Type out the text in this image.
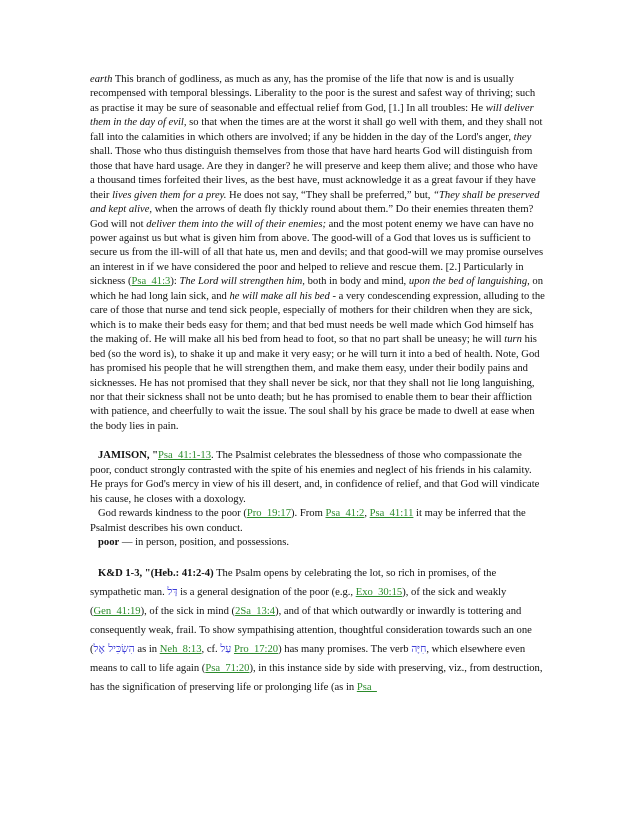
earth This branch of godliness, as much as any, has the promise of the life that now is and is usually recompensed with temporal blessings. Liberality to the poor is the surest and safest way of thriving; such as practise it may be sure of seasonable and effectual relief from God, [1.] In all troubles: He will deliver them in the day of evil, so that when the times are at the worst it shall go well with them, and they shall not fall into the calamities in which others are involved; if any be hidden in the day of the Lord's anger, they shall. Those who thus distinguish themselves from those that have hard hearts God will distinguish from those that have hard usage. Are they in danger? he will preserve and keep them alive; and those who have a thousand times forfeited their lives, as the best have, must acknowledge it as a great favour if they have their lives given them for a prey. He does not say, “They shall be preferred,” but, “They shall be preserved and kept alive, when the arrows of death fly thickly round about them.” Do their enemies threaten them? God will not deliver them into the will of their enemies; and the most potent enemy we have can have no power against us but what is given him from above. The good-will of a God that loves us is sufficient to secure us from the ill-will of all that hate us, men and devils; and that good-will we may promise ourselves an interest in if we have considered the poor and helped to relieve and rescue them. [2.] Particularly in sickness (Psa_41:3): The Lord will strengthen him, both in body and mind, upon the bed of languishing, on which he had long lain sick, and he will make all his bed - a very condescending expression, alluding to the care of those that nurse and tend sick people, especially of mothers for their children when they are sick, which is to make their beds easy for them; and that bed must needs be well made which God himself has the making of. He will make all his bed from head to foot, so that no part shall be uneasy; he will turn his bed (so the word is), to shake it up and make it very easy; or he will turn it into a bed of health. Note, God has promised his people that he will strengthen them, and make them easy, under their bodily pains and sicknesses. He has not promised that they shall never be sick, nor that they shall not lie long languishing, nor that their sickness shall not be unto death; but he has promised to enable them to bear their affliction with patience, and cheerfully to wait the issue. The soul shall by his grace be made to dwell at ease when the body lies in pain.

JAMISON, "Psa_41:1-13. The Psalmist celebrates the blessedness of those who compassionate the poor, conduct strongly contrasted with the spite of his enemies and neglect of his friends in his calamity. He prays for God's mercy in view of his ill desert, and, in confidence of relief, and that God will vindicate his cause, he closes with a doxology.

God rewards kindness to the poor (Pro_19:17). From Psa_41:2, Psa_41:11 it may be inferred that the Psalmist describes his own conduct.

poor — in person, position, and possessions.

K&D 1-3, "(Heb.: 41:2-4) The Psalm opens by celebrating the lot, so rich in promises, of the sympathetic man. דַּל is a general designation of the poor (e.g., Exo_30:15), of the sick and weakly (Gen_41:19), of the sick in mind (2Sa_13:4), and of that which outwardly or inwardly is tottering and consequently weak, frail. To show sympathising attention, thoughtful consideration towards such an one (הִשְׂכִּיל אֶל as in Neh_8:13, cf. עַל Pro_17:20) has many promises. The verb חִיָּה, which elsewhere even means to call to life again (Psa_71:20), in this instance side by side with preserving, viz., from destruction, has the signification of preserving life or prolonging life (as in Psa_
